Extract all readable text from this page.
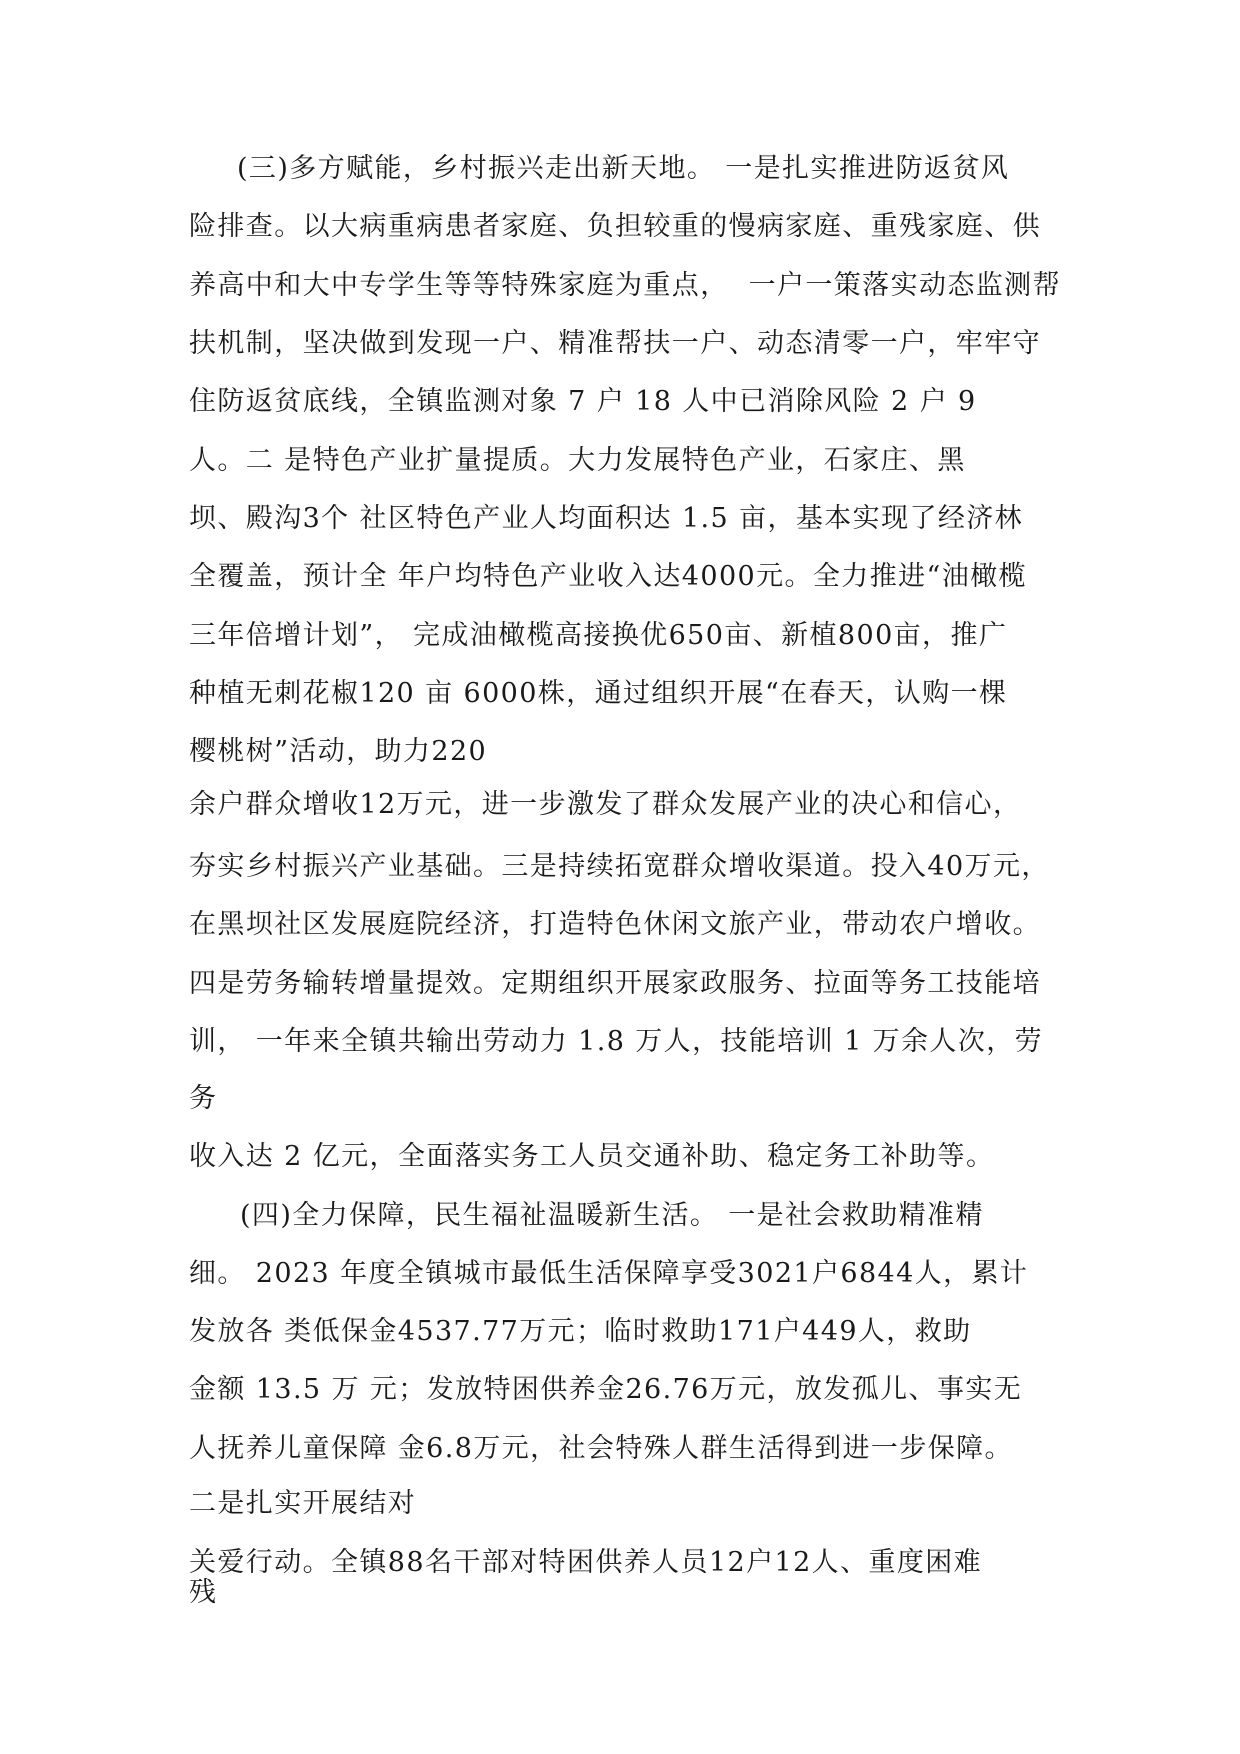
(三)多方赋能，乡村振兴走出新天地。 一是扎实推进防返贫风
险排查。以大病重病患者家庭、负担较重的慢病家庭、重残家庭、供
养高中和大中专学生等等特殊家庭为重点，  一户一策落实动态监测帮
扶机制，坚决做到发现一户、精准帮扶一户、动态清零一户，牢牢守
住防返贫底线，全镇监测对象 7 户 18 人中已消除风险 2 户 9
人。二 是特色产业扩量提质。大力发展特色产业，石家庄、黑
坝、殿沟3个 社区特色产业人均面积达 1.5 亩，基本实现了经济林
全覆盖，预计全 年户均特色产业收入达4000元。全力推进“油橄榄
三年倍增计划”， 完成油橄榄高接换优650亩、新植800亩，推广
种植无刺花椒120 亩 6000株，通过组织开展“在春天，认购一棵
樱桃树”活动，助力220
余户群众增收12万元，进一步激发了群众发展产业的决心和信心，
夯实乡村振兴产业基础。三是持续拓宽群众增收渠道。投入40万元，
在黑坝社区发展庭院经济，打造特色休闲文旅产业，带动农户增收。
四是劳务输转增量提效。定期组织开展家政服务、拉面等务工技能培
训， 一年来全镇共输出劳动力 1.8 万人，技能培训 1 万余人次，劳
务
收入达 2 亿元，全面落实务工人员交通补助、稳定务工补助等。
(四)全力保障，民生福祉温暖新生活。 一是社会救助精准精
细。 2023 年度全镇城市最低生活保障享受3021户6844人，累计
发放各 类低保金4537.77万元；临时救助171户449人，救助
金额 13.5 万 元；发放特困供养金26.76万元，放发孤儿、事实无
人抚养儿童保障 金6.8万元，社会特殊人群生活得到进一步保障。
二是扎实开展结对
关爱行动。全镇88名干部对特困供养人员12户12人、重度困难
残
